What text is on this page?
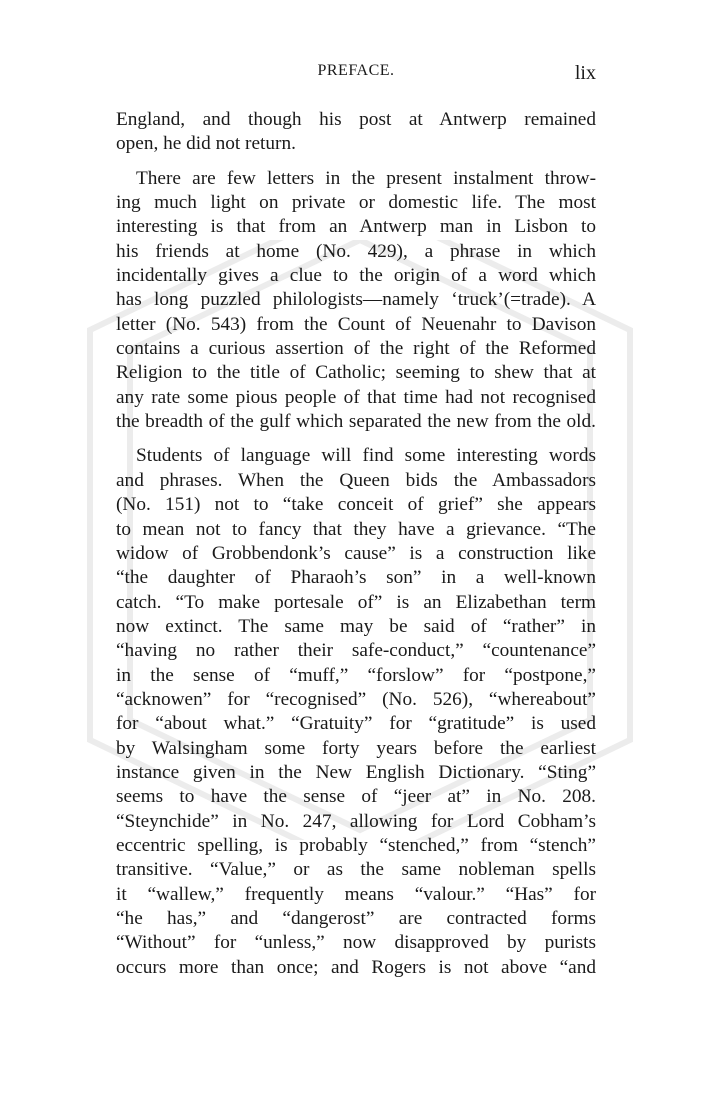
PREFACE.	lix
England, and though his post at Antwerp remained
open, he did not return.
There are few letters in the present instalment throw-
ing much light on private or domestic life. The most
interesting is that from an Antwerp man in Lisbon to
his friends at home (No. 429), a phrase in which
incidentally gives a clue to the origin of a word which
has long puzzled philologists—namely ‘truck’(=trade). A
letter (No. 543) from the Count of Neuenahr to Davison
contains a curious assertion of the right of the Reformed
Religion to the title of Catholic; seeming to shew that at
any rate some pious people of that time had not recognised
the breadth of the gulf which separated the new from the old.
Students of language will find some interesting words
and phrases. When the Queen bids the Ambassadors
(No. 151) not to “take conceit of grief” she appears
to mean not to fancy that they have a grievance. “The
widow of Grobbendonk’s cause” is a construction like
“the daughter of Pharaoh’s son” in a well-known
catch. “To make portesale of” is an Elizabethan term
now extinct. The same may be said of “rather” in
“having no rather their safe-conduct,” “countenance”
in the sense of “muff,” “forslow” for “postpone,”
“acknowen” for “recognised” (No. 526), “whereabout”
for “about what.” “Gratuity” for “gratitude” is used
by Walsingham some forty years before the earliest
instance given in the New English Dictionary. “Sting”
seems to have the sense of “jeer at” in No. 208.
“Steynchide” in No. 247, allowing for Lord Cobham’s
eccentric spelling, is probably “stenched,” from “stench”
transitive. “Value,” or as the same nobleman spells
it “wallew,” frequently means “valour.” “Has” for
“he has,” and “dangerost” are contracted forms
“Without” for “unless,” now disapproved by purists
occurs more than once; and Rogers is not above “and
